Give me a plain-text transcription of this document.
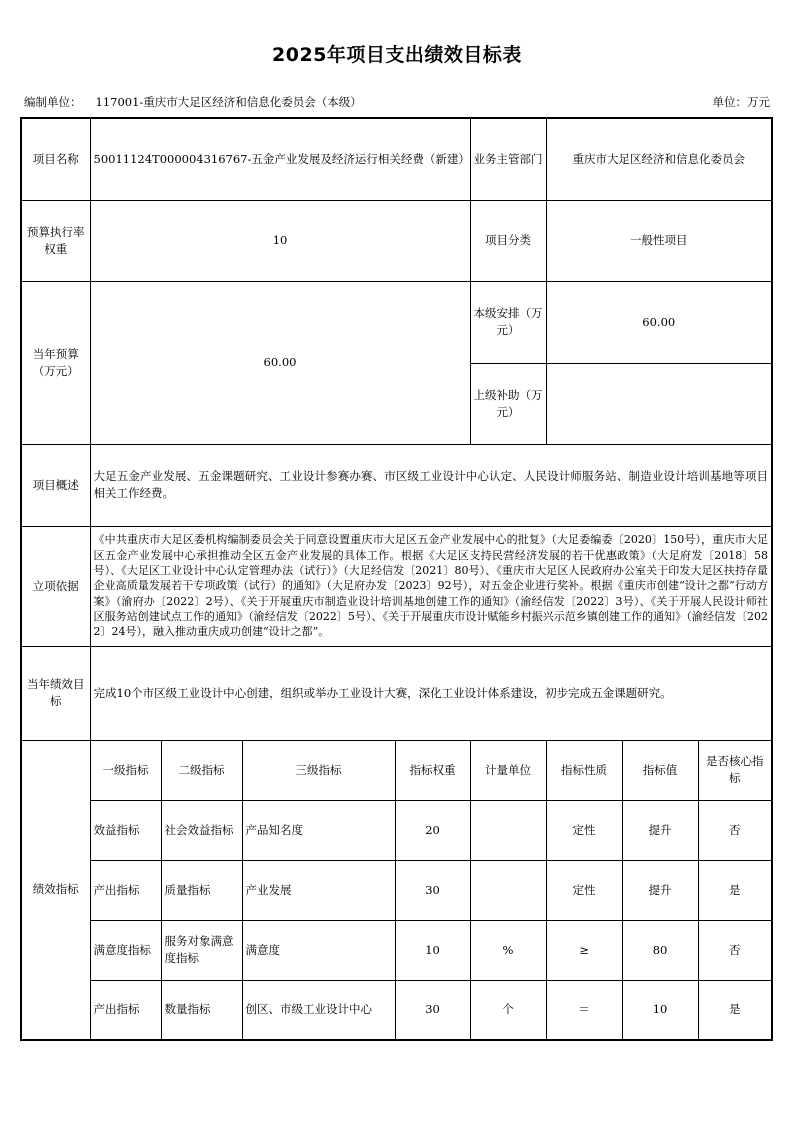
2025年项目支出绩效目标表
编制单位： 117001-重庆市大足区经济和信息化委员会（本级）	单位：万元
项目名称	50011124T000004316767-五金产业发展及经济运行相关经费（新建）				业务主管部门	重庆市大足区经济和信息化委员会		
预算执行率权重	10				项目分类	一般性项目		
当年预算（万元）	60.00				本级安排（万元）	60.00		
					上级补助（万元）			
项目概述	大足五金产业发展、五金课题研究、工业设计参赛办赛、市区级工业设计中心认定、人民设计师服务站、制造业设计培训基地等项目相关工作经费。							
立项依据	《中共重庆市大足区委机构编制委员会关于同意设置重庆市大足区五金产业发展中心的批复》（大足委编委〔2020〕150号），重庆市大足区五金产业发展中心承担推动全区五金产业发展的具体工作。根据《大足区支持民营经济发展的若干优惠政策》（大足府发〔2018〕58号）、《大足区工业设计中心认定管理办法（试行）》（大足经信发〔2021〕80号）、《重庆市大足区人民政府办公室关于印发大足区扶持存量企业高质量发展若干专项政策（试行）的通知》（大足府办发〔2023〕92号），对五金企业进行奖补。根据《重庆市创建“设计之都”行动方案》（渝府办〔2022〕2号）、《关于开展重庆市制造业设计培训基地创建工作的通知》（渝经信发〔2022〕3号）、《关于开展人民设计师社区服务站创建试点工作的通知》（渝经信发〔2022〕5号）、《关于开展重庆市设计赋能乡村振兴示范乡镇创建工作的通知》（渝经信发〔2022〕24号），融入推动重庆成功创建“设计之都”。							
当年绩效目标	完成10个市区级工业设计中心创建，组织或举办工业设计大赛，深化工业设计体系建设，初步完成五金课题研究。							
绩效指标	一级指标	二级指标	三级指标	指标权重	计量单位	指标性质	指标值	是否核心指标
	效益指标	社会效益指标	产品知名度	20		定性	提升	否
	产出指标	质量指标	产业发展	30		定性	提升	是
	满意度指标	服务对象满意度指标	满意度	10	%	≥	80	否
	产出指标	数量指标	创区、市级工业设计中心	30	个	＝	10	是
